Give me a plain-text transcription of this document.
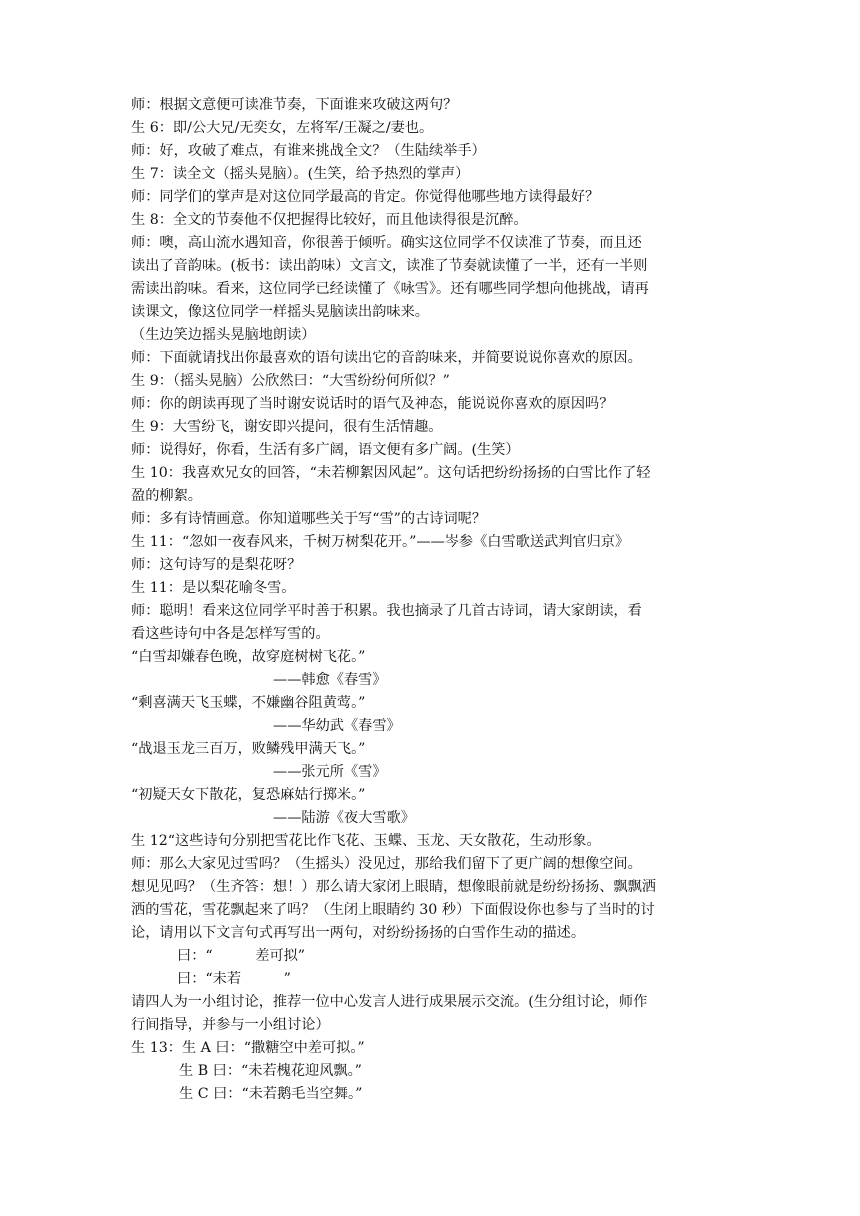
师：根据文意便可读准节奏，下面谁来攻破这两句？
生 6：即/公大兄/无奕女，左将军/王凝之/妻也。
师：好，攻破了难点，有谁来挑战全文？（生陆续举手）
生 7：读全文（摇头晃脑）。(生笑，给予热烈的掌声）
师：同学们的掌声是对这位同学最高的肯定。你觉得他哪些地方读得最好？
生 8：全文的节奏他不仅把握得比较好，而且他读得很是沉醉。
师：噢，高山流水遇知音，你很善于倾听。确实这位同学不仅读准了节奏，而且还
读出了音韵味。(板书：读出韵味）文言文，读准了节奏就读懂了一半，还有一半则
需读出韵味。看来，这位同学已经读懂了《咏雪》。还有哪些同学想向他挑战，请再
读课文，像这位同学一样摇头晃脑读出韵味来。
（生边笑边摇头晃脑地朗读）
师：下面就请找出你最喜欢的语句读出它的音韵味来，并简要说说你喜欢的原因。
生 9：（摇头晃脑）公欣然曰：“大雪纷纷何所似？”
师：你的朗读再现了当时谢安说话时的语气及神态，能说说你喜欢的原因吗？
生 9：大雪纷飞，谢安即兴提问，很有生活情趣。
师：说得好，你看，生活有多广阔，语文便有多广阔。(生笑）
生 10：我喜欢兄女的回答，“未若柳絮因风起”。这句话把纷纷扬扬的白雪比作了轻
盈的柳絮。
师：多有诗情画意。你知道哪些关于写“雪”的古诗词呢？
生 11：“忽如一夜春风来，千树万树梨花开。”——岑参《白雪歌送武判官归京》
师：这句诗写的是梨花呀？
生 11：是以梨花喻冬雪。
师：聪明！看来这位同学平时善于积累。我也摘录了几首古诗词，请大家朗读，看
看这些诗句中各是怎样写雪的。
“白雪却嫌春色晚，故穿庭树树飞花。”
——韩愈《春雪》
“剩喜满天飞玉蝶，不嫌幽谷阻黄莺。”
——华幼武《春雪》
“战退玉龙三百万，败鳞残甲满天飞。”
——张元所《雪》
“初疑天女下散花，复恐麻姑行掷米。”
——陆游《夜大雪歌》
生 12“这些诗句分别把雪花比作飞花、玉蝶、玉龙、天女散花，生动形象。
师：那么大家见过雪吗？（生摇头）没见过，那给我们留下了更广阔的想像空间。
想见见吗？（生齐答：想！）那么请大家闭上眼睛，想像眼前就是纷纷扬扬、飘飘洒
洒的雪花，雪花飘起来了吗？（生闭上眼睛约 30 秒）下面假设你也参与了当时的讨
论，请用以下文言句式再写出一两句，对纷纷扬扬的白雪作生动的描述。
曰：“　　　差可拟”
曰：“未若　　　”
请四人为一小组讨论，推荐一位中心发言人进行成果展示交流。(生分组讨论，师作
行间指导，并参与一小组讨论）
生 13：生 A 曰：“撒糖空中差可拟。”
生 B 曰：“未若槐花迎风飘。”
生 C 曰：“未若鹅毛当空舞。”
